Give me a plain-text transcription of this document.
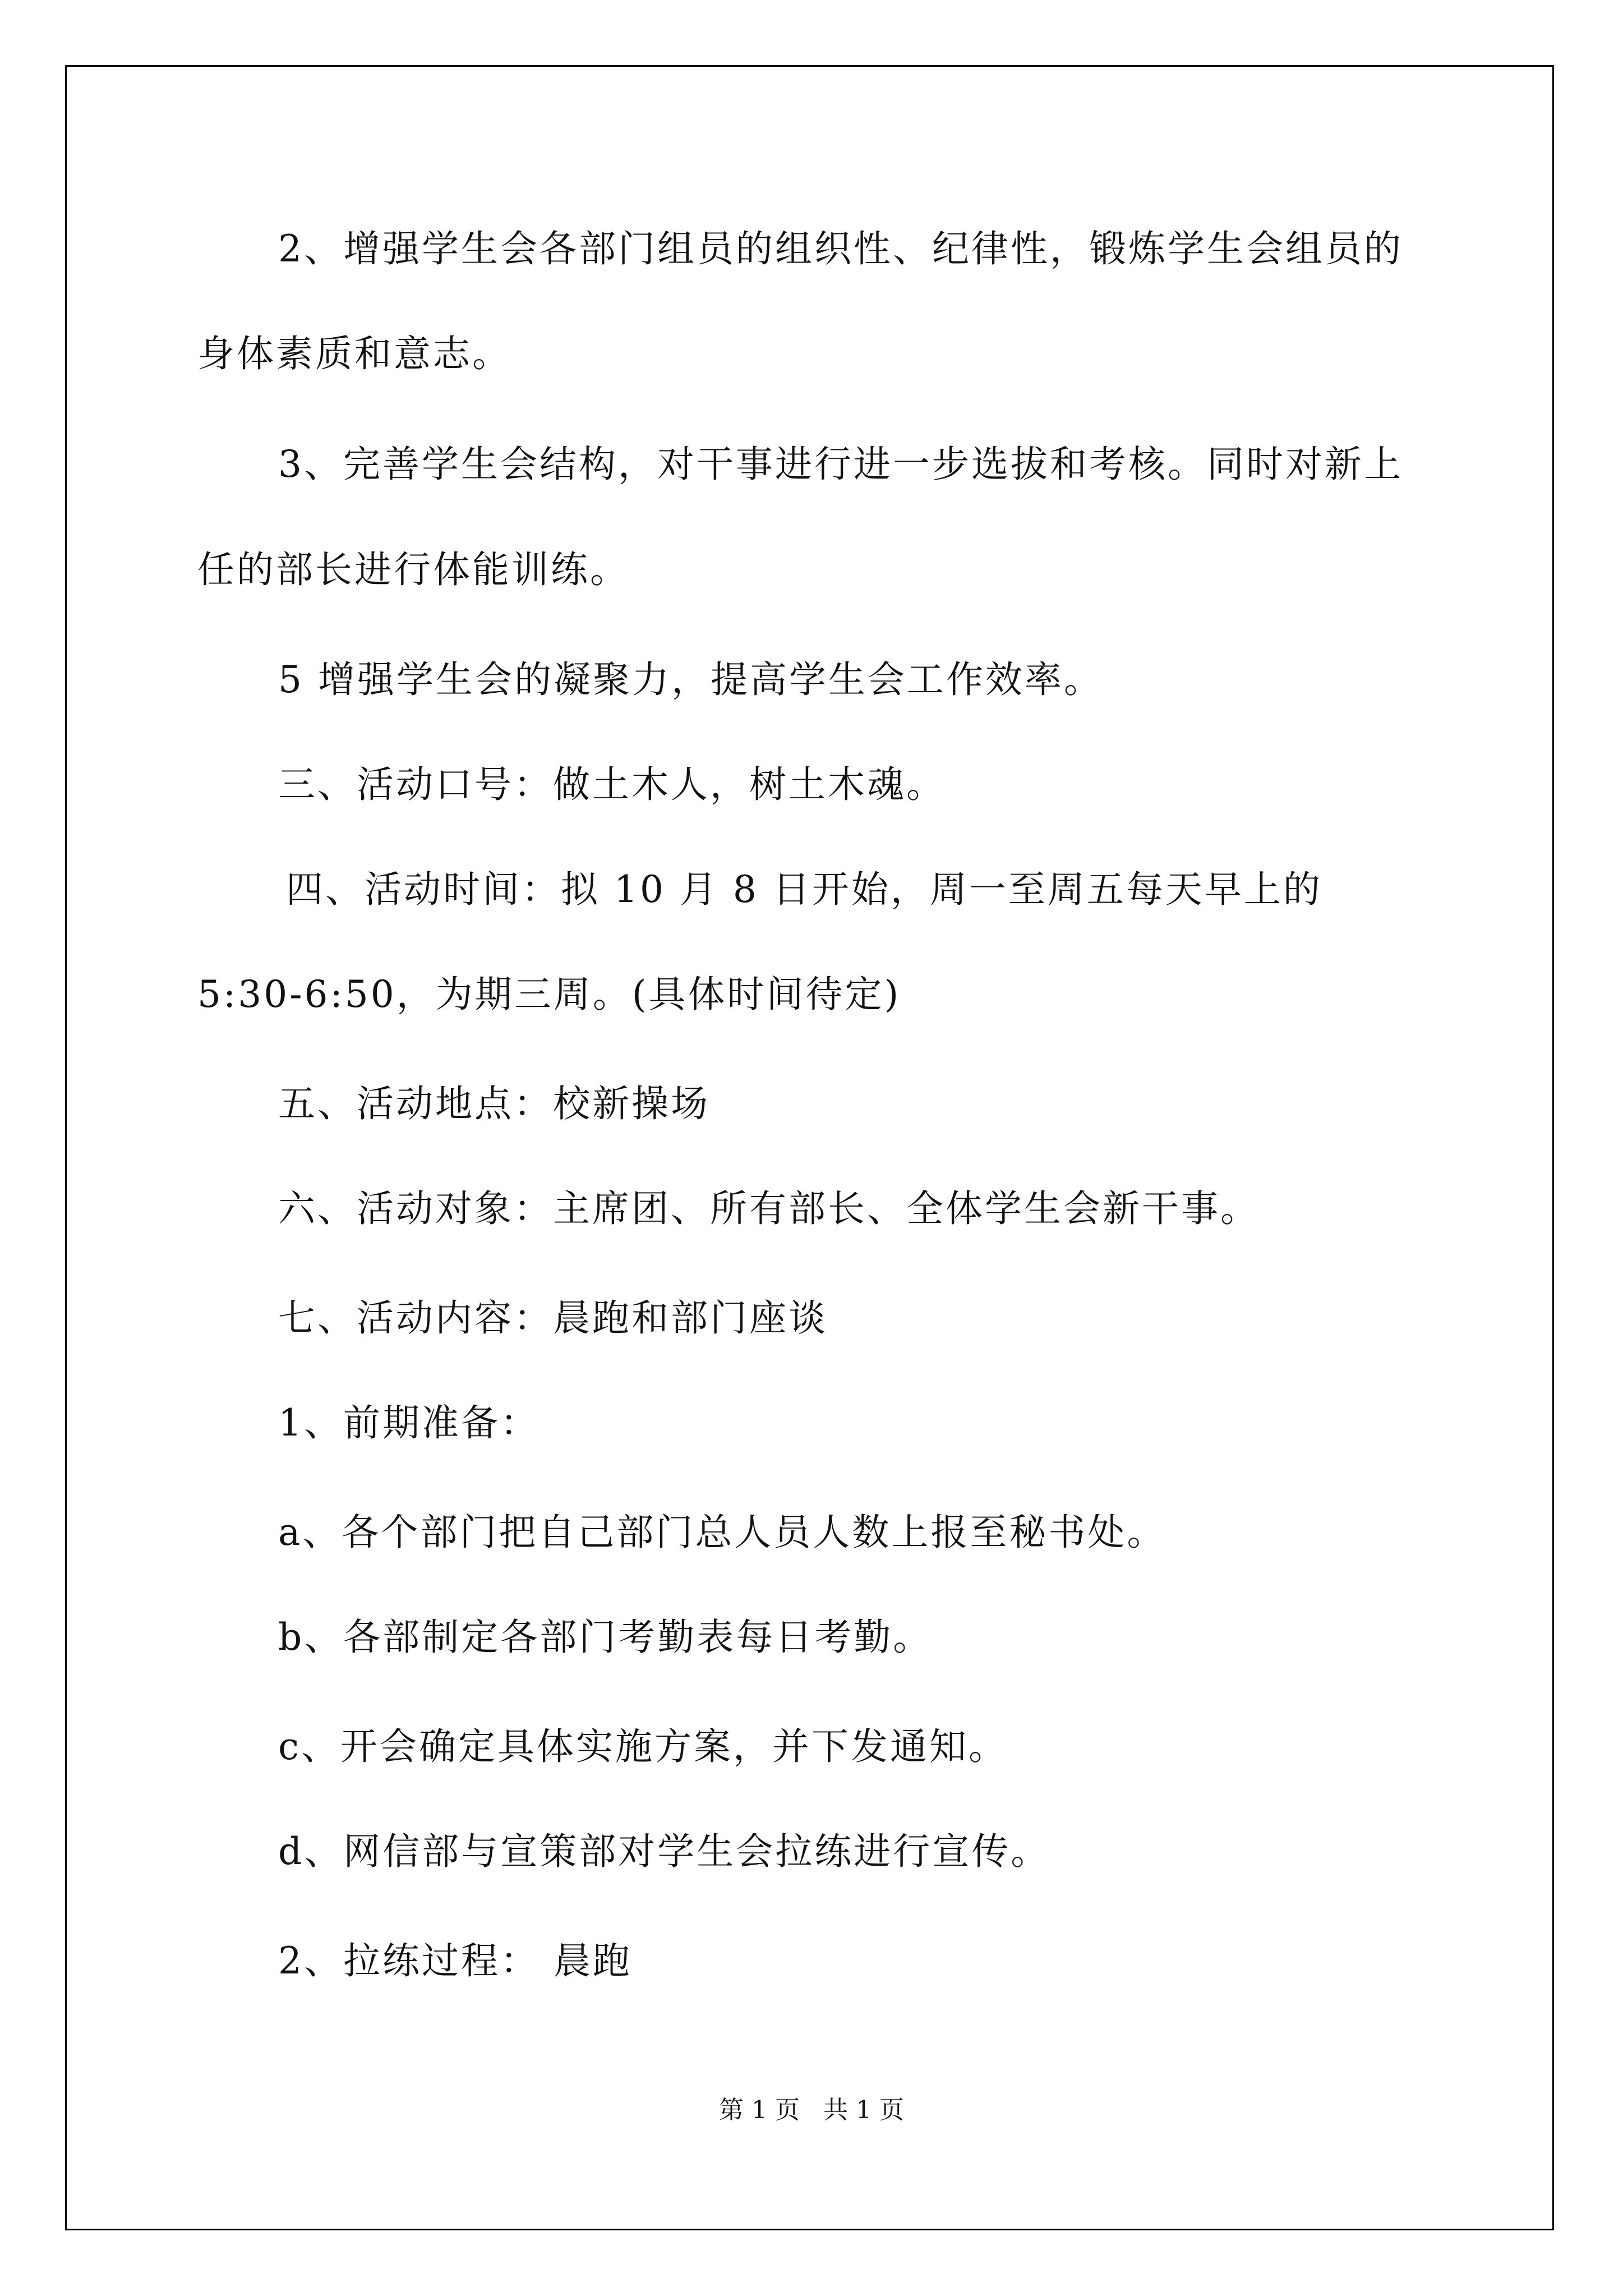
2、增强学生会各部门组员的组织性、纪律性，锻炼学生会组员的
身体素质和意志。
3、完善学生会结构，对干事进行进一步选拔和考核。同时对新上
任的部长进行体能训练。
5 增强学生会的凝聚力，提高学生会工作效率。
三、活动口号：做土木人，树土木魂。
四、活动时间：拟 10 月 8 日开始，周一至周五每天早上的
5:30-6:50，为期三周。(具体时间待定)
五、活动地点：校新操场
六、活动对象：主席团、所有部长、全体学生会新干事。
七、活动内容：晨跑和部门座谈
1、前期准备：
a、各个部门把自己部门总人员人数上报至秘书处。
b、各部制定各部门考勤表每日考勤。
c、开会确定具体实施方案，并下发通知。
d、网信部与宣策部对学生会拉练进行宣传。
2、拉练过程： 晨跑
第 1 页   共 1 页
